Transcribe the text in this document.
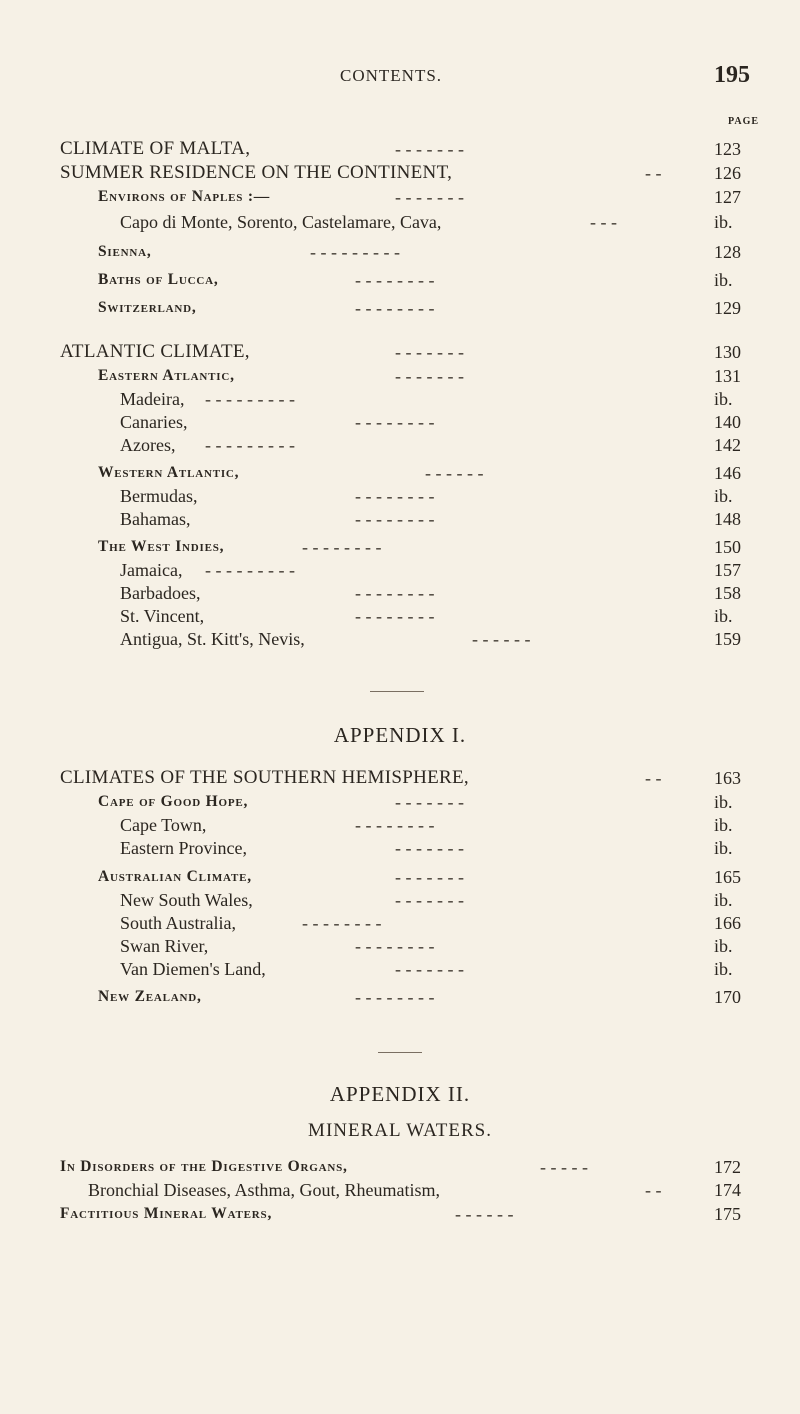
CONTENTS.	195
PAGE
CLIMATE OF MALTA,	- - - - - - -	123
SUMMER RESIDENCE ON THE CONTINENT,	- -	126
Environs of Naples :—	- - - - - - -	127
Capo di Monte, Sorento, Castelamare, Cava,	- - -	ib.
Sienna,	- - - - - - - - -	128
Baths of Lucca,	- - - - - - - -	ib.
Switzerland,	- - - - - - - -	129
ATLANTIC CLIMATE,	- - - - - - -	130
Eastern Atlantic,	- - - - - - -	131
Madeira, - - - - - - - - -	ib.
Canaries,	- - - - - - - -	140
Azores, - - - - - - - - -	142
Western Atlantic,	- - - - - -	146
Bermudas,	- - - - - - - -	ib.
Bahamas,	- - - - - - - -	148
The West Indies,	- - - - - - - -	150
Jamaica, - - - - - - - - -	157
Barbadoes,	- - - - - - - -	158
St. Vincent,	- - - - - - - -	ib.
Antigua, St. Kitt's, Nevis,	- - - - - -	159
APPENDIX I.
CLIMATES OF THE SOUTHERN HEMISPHERE,	- -	163
Cape of Good Hope,	- - - - - - -	ib.
Cape Town,	- - - - - - - -	ib.
Eastern Province,	- - - - - - -	ib.
Australian Climate,	- - - - - - -	165
New South Wales,	- - - - - - -	ib.
South Australia,	- - - - - - - -	166
Swan River,	- - - - - - - -	ib.
Van Diemen's Land,	- - - - - - -	ib.
New Zealand,	- - - - - - - -	170
APPENDIX II.
MINERAL WATERS.
In Disorders of the Digestive Organs,	- - - - -	172
Bronchial Diseases, Asthma, Gout, Rheumatism,	- -	174
Factitious Mineral Waters,	- - - - - -	175
